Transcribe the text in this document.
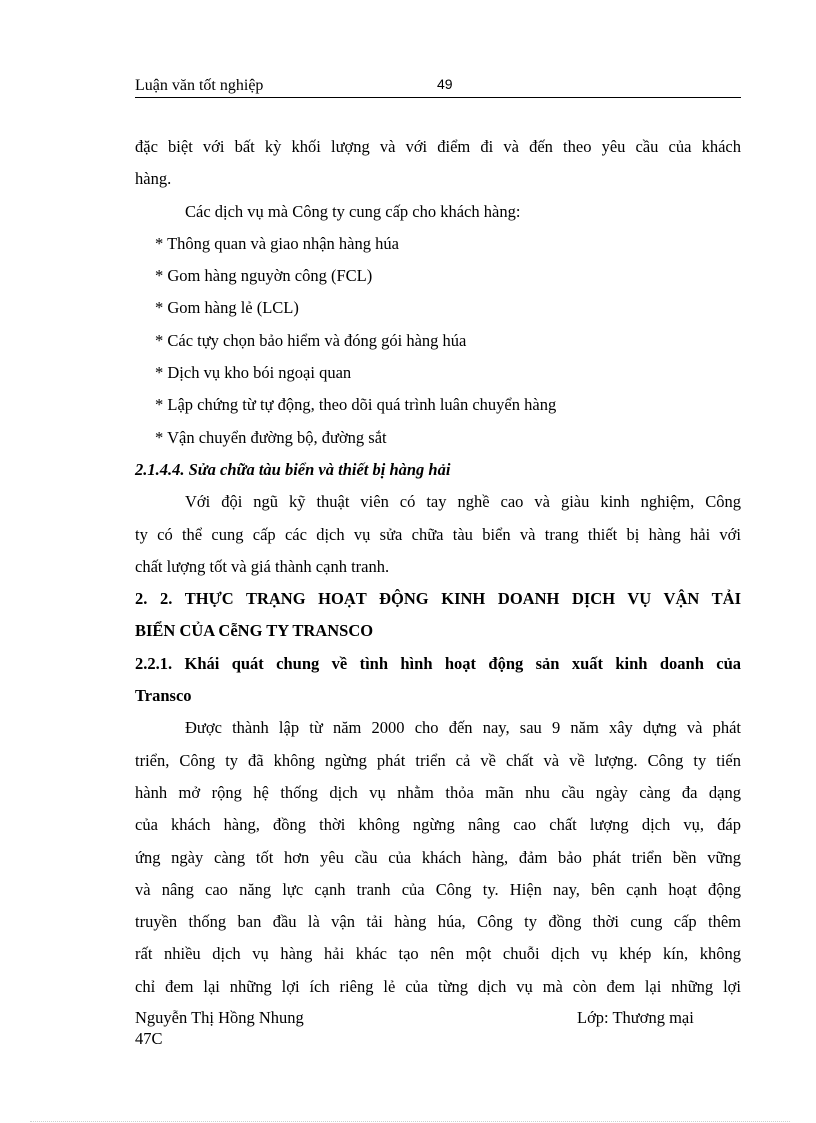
Luận văn tốt nghiệp	49

đặc biệt với bất kỳ khối lượng và với điểm đi và đến theo yêu cầu của khách

hàng.

Các dịch vụ mà Công ty cung cấp cho khách hàng:

* Thông quan và giao nhận hàng húa

* Gom hàng nguyờn công (FCL)

* Gom hàng lẻ (LCL)

* Các tựy chọn bảo hiểm và đóng gói hàng húa

* Dịch vụ kho bói ngoại quan

* Lập chứng từ tự động, theo dõi quá trình luân chuyển hàng

* Vận chuyển đường bộ, đường sắt

2.1.4.4. Sửa chữa tàu biển và thiết bị hàng hải

Với đội ngũ kỹ thuật viên có tay nghề cao và giàu kinh nghiệm, Công

ty có thể cung cấp các dịch vụ sửa chữa tàu biển và trang thiết bị hàng hải với

chất lượng tốt và giá thành cạnh tranh.

2. 2. THỰC TRẠNG HOẠT ĐỘNG KINH DOANH DỊCH VỤ VẬN TẢI

BIỂN CỦA CễNG TY TRANSCO

2.2.1. Khái quát chung về tình hình hoạt động sản xuất kinh doanh của

Transco

Được thành lập từ năm 2000 cho đến nay, sau 9 năm xây dựng và phát

triển, Công ty đã không ngừng phát triển cả về chất và về lượng. Công ty tiến

hành mở rộng hệ thống dịch vụ nhằm thỏa mãn nhu cầu ngày càng đa dạng

của khách hàng, đồng thời không ngừng nâng cao chất lượng dịch vụ, đáp

ứng ngày càng tốt hơn yêu cầu của khách hàng, đảm bảo phát triển bền vững

và nâng cao năng lực cạnh tranh của Công ty. Hiện nay, bên cạnh hoạt động

truyền thống ban đầu là vận tải hàng húa, Công ty đồng thời cung cấp thêm

rất nhiều dịch vụ hàng hải khác tạo nên một chuỗi dịch vụ khép kín, không

chỉ đem lại những lợi ích riêng lẻ của từng dịch vụ mà còn đem lại những lợi

Nguyễn Thị Hồng Nhung	Lớp: Thương mại
47C
